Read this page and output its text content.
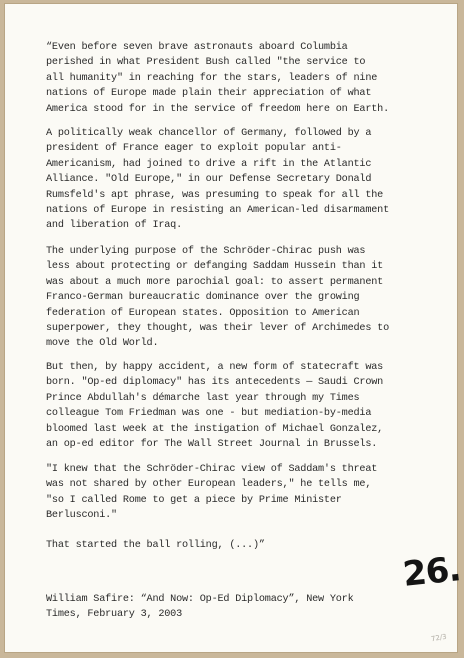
“Even before seven brave astronauts aboard Columbia
perished in what President Bush called "the service to
all humanity" in reaching for the stars, leaders of nine
nations of Europe made plain their appreciation of what
America stood for in the service of freedom here on Earth.
A politically weak chancellor of Germany, followed by a
president of France eager to exploit popular anti-
Americanism, had joined to drive a rift in the Atlantic
Alliance. "Old Europe," in our Defense Secretary Donald
Rumsfeld's apt phrase, was presuming to speak for all the
nations of Europe in resisting an American-led disarmament
and liberation of Iraq.
The underlying purpose of the Schröder-Chirac push was
less about protecting or defanging Saddam Hussein than it
was about a much more parochial goal: to assert permanent
Franco-German bureaucratic dominance over the growing
federation of European states. Opposition to American
superpower, they thought, was their lever of Archimedes to
move the Old World.
But then, by happy accident, a new form of statecraft was
born. "Op-ed diplomacy" has its antecedents — Saudi Crown
Prince Abdullah's démarche last year through my Times
colleague Tom Friedman was one - but mediation-by-media
bloomed last week at the instigation of Michael Gonzalez,
an op-ed editor for The Wall Street Journal in Brussels.
"I knew that the Schröder-Chirac view of Saddam's threat
was not shared by other European leaders," he tells me,
"so I called Rome to get a piece by Prime Minister
Berlusconi."
That started the ball rolling, (...)”
William Safire: “And Now: Op-Ed Diplomacy”, New York
Times, February 3, 2003
26.
72/3
